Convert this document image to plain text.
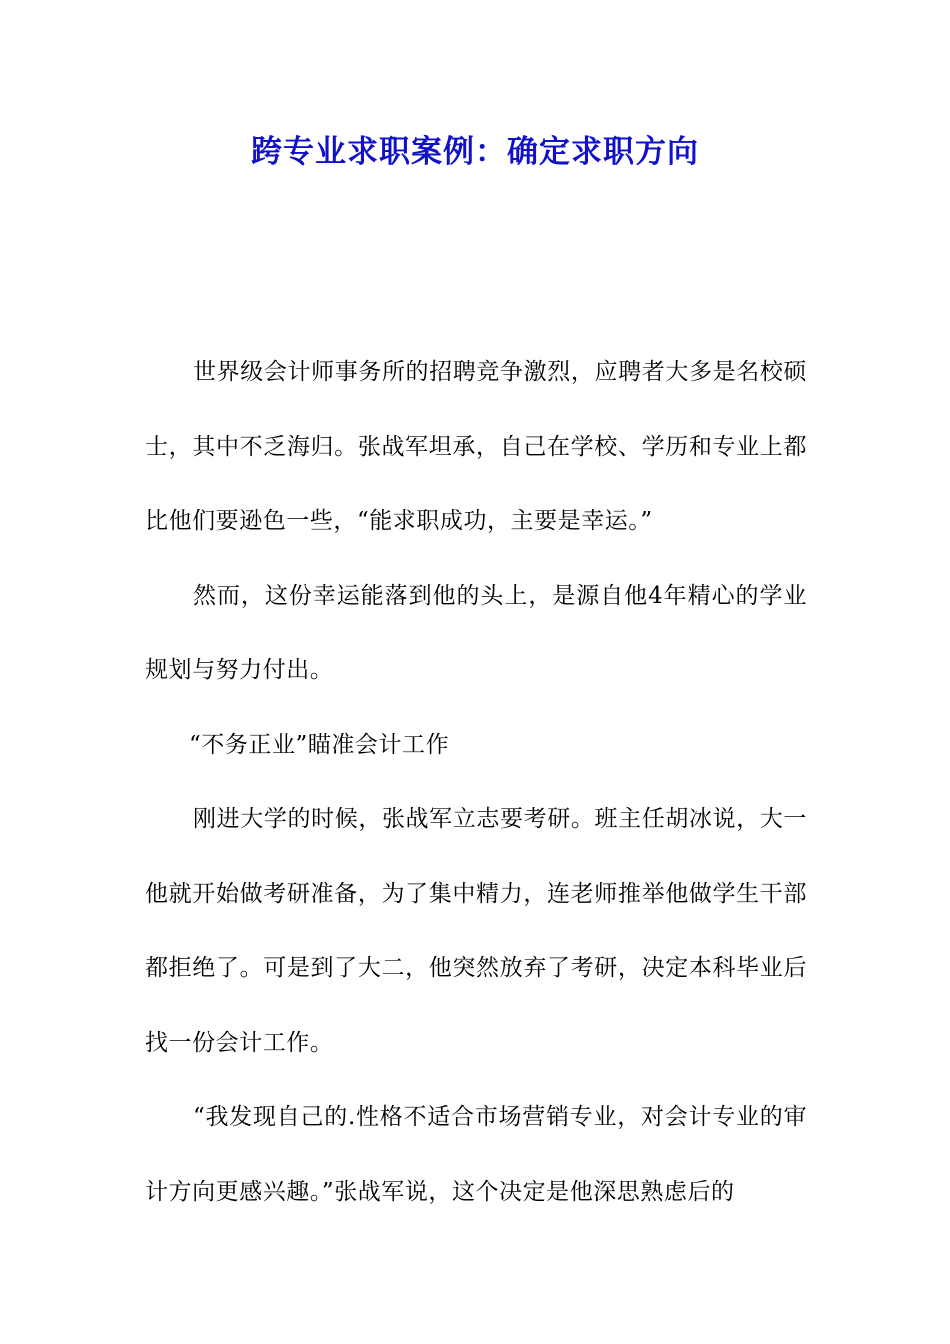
跨专业求职案例：确定求职方向

世界级会计师事务所的招聘竞争激烈，应聘者大多是名校硕士，其中不乏海归。张战军坦承，自己在学校、学历和专业上都比他们要逊色一些，“能求职成功，主要是幸运。”

然而，这份幸运能落到他的头上，是源自他4年精心的学业规划与努力付出。

“不务正业”瞄准会计工作

刚进大学的时候，张战军立志要考研。班主任胡冰说，大一他就开始做考研准备，为了集中精力，连老师推举他做学生干部都拒绝了。可是到了大二，他突然放弃了考研，决定本科毕业后找一份会计工作。

“我发现自己的.性格不适合市场营销专业，对会计专业的审计方向更感兴趣。”张战军说，这个决定是他深思熟虑后的
